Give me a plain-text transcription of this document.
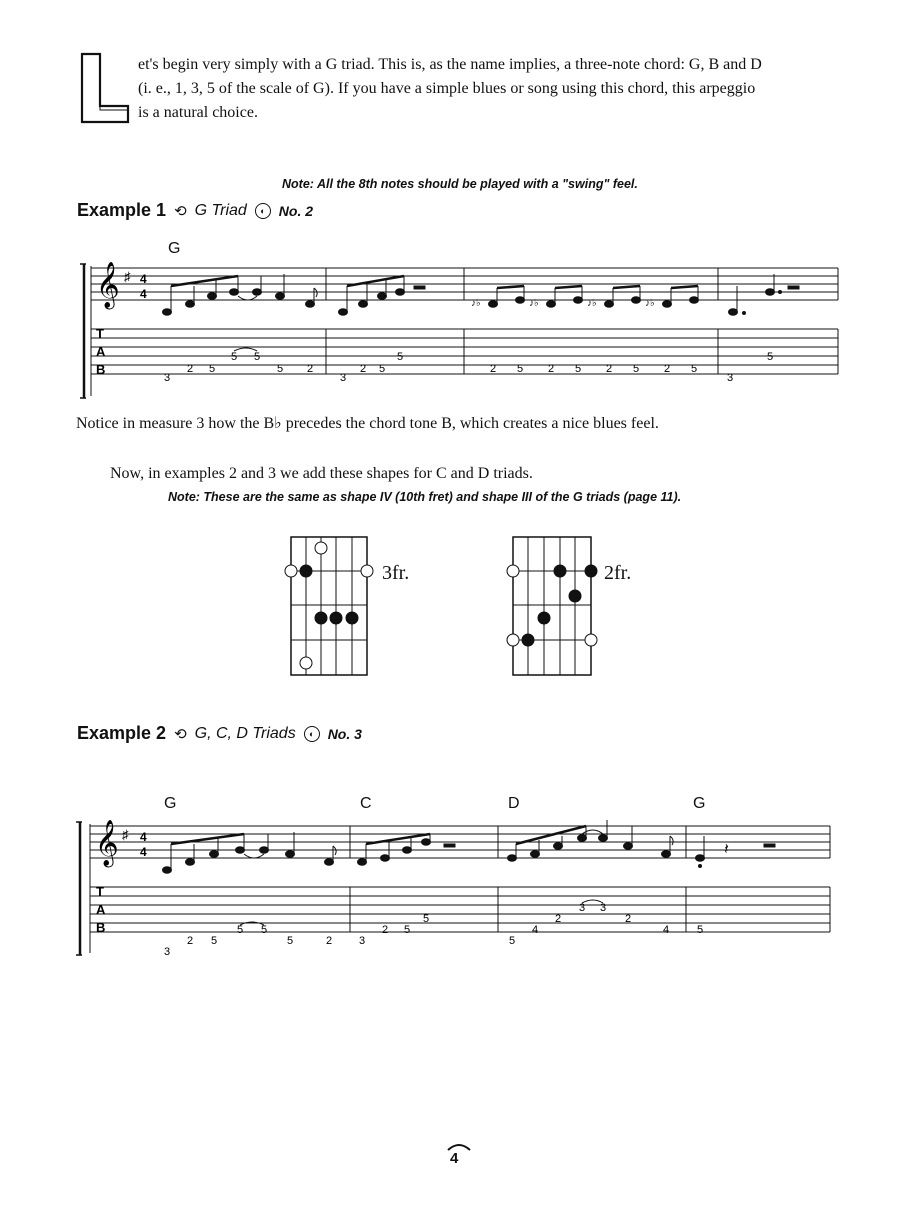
et's begin very simply with a G triad. This is, as the name implies, a three-note chord: G, B and D
(i. e., 1, 3, 5 of the scale of G). If you have a simple blues or song using this chord, this arpeggio
is a natural choice.
Note: All the 8th notes should be played with a "swing" feel.
Example 1 ⟲ G Triad	◐ No. 2
G
𝄞 ♯ 4
4
♪♭	♪♭	♪♭	♪♭
T
A
B
3
2 5
5 5
5 2
3
2 5
5
2 5 2 5 2 5 2 5
3
5
Notice in measure 3 how the B♭ precedes the chord tone B, which creates a nice blues feel.
Now, in examples 2 and 3 we add these shapes for C and D triads.
Note: These are the same as shape IV (10th fret) and shape III of the G triads (page 11).
3fr.	2fr.
Example 2 ⟲ G, C, D Triads	◐ No. 3
G	C	D	G
𝄞 ♯ 4
4	𝄽
T
A
B
3
2 5
5 5
5	2 3
2 5
5
5
4
2
3 3
2
4	5
4
